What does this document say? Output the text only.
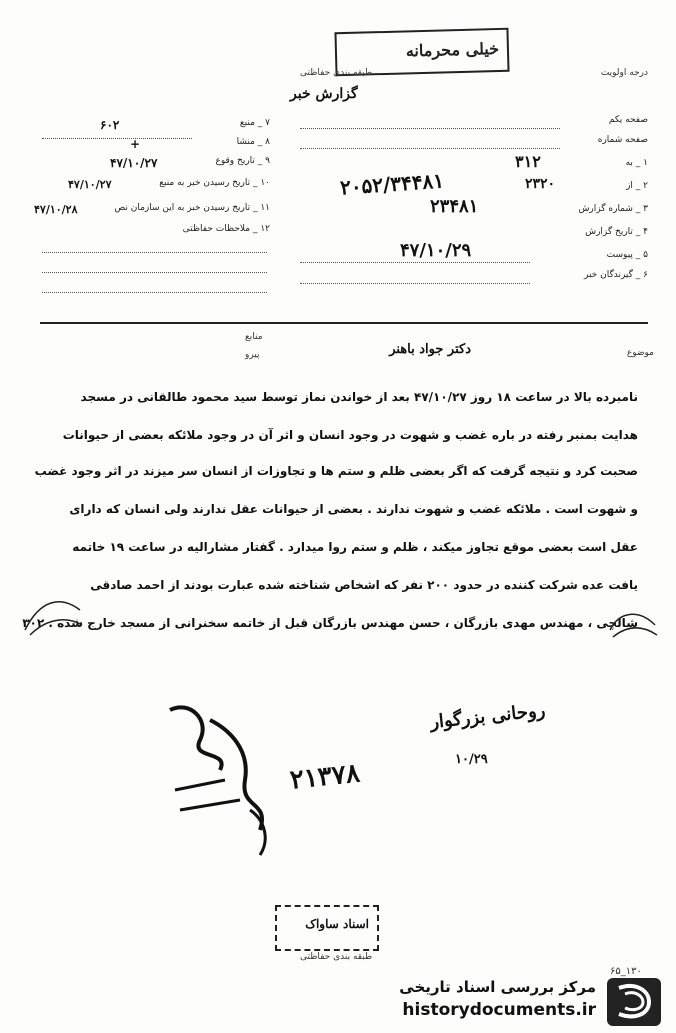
خیلی محرمانه
درجه اولویت
طبقه بندی حفاظتی
گزارش خبر
۷ _ منبع
۶۰۲
۸ _ منشا
+
۹ _ تاریخ وقوع
۴۷/۱۰/۲۷
۱۰ _ تاریخ رسیدن خبر به منبع
۴۷/۱۰/۲۷
۱۱ _ تاریخ رسیدن خبر به این سازمان نص
۴۷/۱۰/۲۸
۱۲ _ ملاحظات حفاظتی
صفحه یکم
صفحه شماره
۱ _ به
۲ _ از
۳ _ شماره گزارش
۴ _ تاریخ گزارش
۵ _ پیوست
۶ _ گیرندگان خبر
۳۱۲
۲۳۲۰
۲۳۴۸۱
۴۷/۱۰/۲۹
۲۰۵۲/۳۴۴۸۱
موضوع
دکتر جواد باهنر
منابع
پیرو
نامبرده بالا در ساعت ۱۸ روز ۴۷/۱۰/۲۷ بعد از خواندن نماز توسط سید محمود طالقانی در مسجد
هدایت بمنبر رفته در باره غضب و شهوت در وجود انسان و اثر آن در وجود ملائکه بعضی از حیوانات
صحبت کرد و نتیجه گرفت که اگر بعضی ظلم و ستم ها و تجاوزات از انسان سر میزند در اثر وجود غضب
و شهوت است . ملائکه غضب و شهوت ندارند . بعضی از حیوانات عقل ندارند ولی انسان که دارای
عقل است بعضی موقع تجاوز میکند ، ظلم و ستم روا میدارد . گفتار مشارالیه در ساعت ۱۹ خاتمه
یافت عده شرکت کننده در حدود ۲۰۰ نفر که اشخاص شناخته شده عبارت بودند از احمد صادقی
شالچی ، مهندس مهدی بازرگان ، حسن مهندس بازرگان قبل از خاتمه سخنرانی از مسجد خارج شده . ۳۰۲
روحانی بزرگوار
۱۰/۲۹
۲۱۳۷۸
اسناد ساواک
طبقه بندی حفاظتی
۶۵_۱۳۰
مرکز بررسی اسناد تاریخی
historydocuments.ir
